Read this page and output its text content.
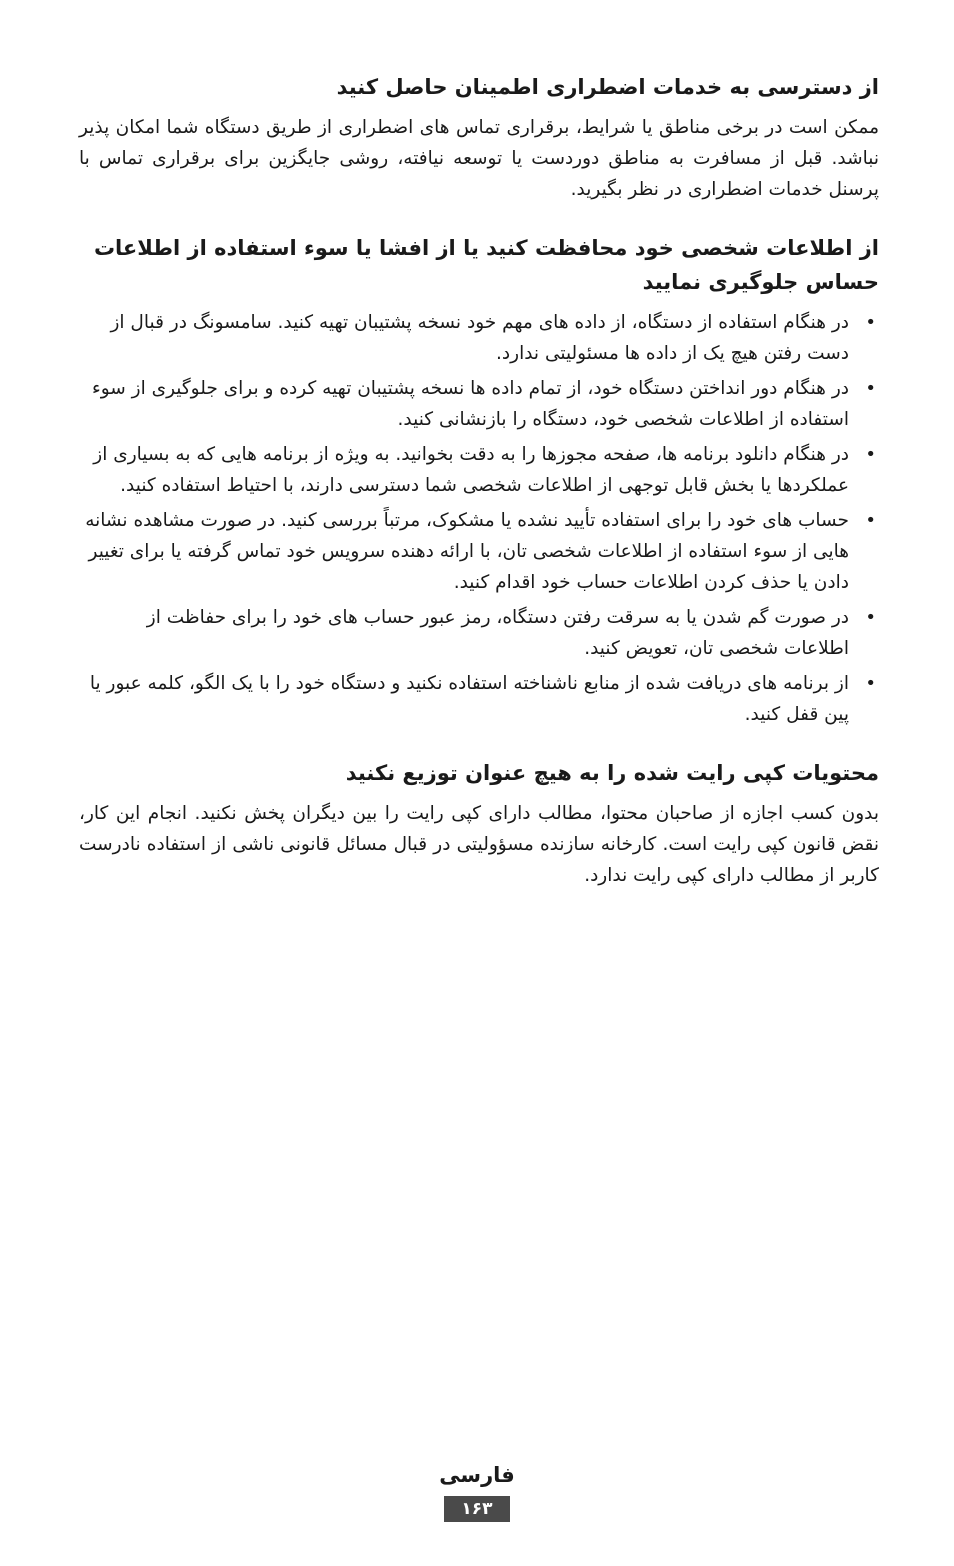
از دسترسی به خدمات اضطراری اطمینان حاصل کنید

ممکن است در برخی مناطق یا شرایط، برقراری تماس های اضطراری از طریق دستگاه شما امکان پذیر نباشد. قبل از مسافرت به مناطق دوردست یا توسعه نیافته، روشی جایگزین برای برقراری تماس با پرسنل خدمات اضطراری در نظر بگیرید.

از اطلاعات شخصی خود محافظت کنید یا از افشا یا سوء استفاده از اطلاعات حساس جلوگیری نمایید
•
در هنگام استفاده از دستگاه، از داده های مهم خود نسخه پشتیبان تهیه کنید. سامسونگ در قبال از دست رفتن هیچ یک از داده ها مسئولیتی ندارد.
•
در هنگام دور انداختن دستگاه خود، از تمام داده ها نسخه پشتیبان تهیه کرده و برای جلوگیری از سوء استفاده از اطلاعات شخصی خود، دستگاه را بازنشانی کنید.
•
در هنگام دانلود برنامه ها، صفحه مجوزها را به دقت بخوانید. به ویژه از برنامه هایی که به بسیاری از عملکردها یا بخش قابل توجهی از اطلاعات شخصی شما دسترسی دارند، با احتیاط استفاده کنید.
•
حساب های خود را برای استفاده تأیید نشده یا مشکوک، مرتباً بررسی کنید. در صورت مشاهده نشانه هایی از سوء استفاده از اطلاعات شخصی تان، با ارائه دهنده سرویس خود تماس گرفته یا برای تغییر دادن یا حذف کردن اطلاعات حساب خود اقدام کنید.
•
در صورت گم شدن یا به سرقت رفتن دستگاه، رمز عبور حساب های خود را برای حفاظت از اطلاعات شخصی تان، تعویض کنید.
•
از برنامه های دریافت شده از منابع ناشناخته استفاده نکنید و دستگاه خود را با یک الگو، کلمه عبور یا پین قفل کنید.
محتویات کپی رایت شده را به هیچ عنوان توزیع نکنید

بدون کسب اجازه از صاحبان محتوا، مطالب دارای کپی رایت را بین دیگران پخش نکنید. انجام این کار، نقض قانون کپی رایت است. کارخانه سازنده مسؤولیتی در قبال مسائل قانونی ناشی از استفاده نادرست کاربر از مطالب دارای کپی رایت ندارد.

فارسی
۱۶۳
